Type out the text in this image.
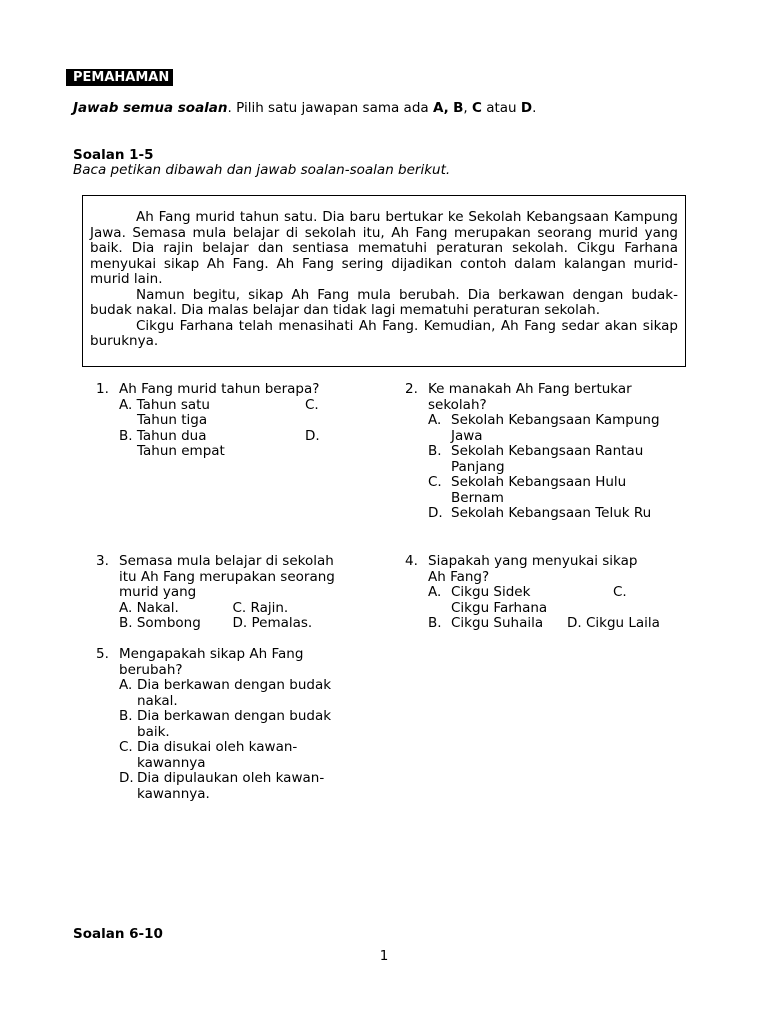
PEMAHAMAN
Jawab semua soalan. Pilih satu jawapan sama ada A, B, C atau D.
Soalan 1-5
Baca petikan dibawah dan jawab soalan-soalan berikut.

Ah Fang murid tahun satu. Dia baru bertukar ke Sekolah Kebangsaan Kampung Jawa. Semasa mula belajar di sekolah itu, Ah Fang merupakan seorang murid yang baik. Dia rajin belajar dan sentiasa mematuhi peraturan sekolah. Cikgu Farhana menyukai sikap Ah Fang. Ah Fang sering dijadikan contoh dalam kalangan murid-murid lain.

Namun begitu, sikap Ah Fang mula berubah. Dia berkawan dengan budak-budak nakal. Dia malas belajar dan tidak lagi mematuhi peraturan sekolah.

Cikgu Farhana telah menasihati Ah Fang. Kemudian, Ah Fang sedar akan sikap buruknya.

1. Ah Fang murid tahun berapa?
A. Tahun satu	C.
Tahun tiga
B. Tahun dua	D.
Tahun empat
2. Ke manakah Ah Fang bertukar sekolah?
A. Sekolah Kebangsaan Kampung Jawa
B. Sekolah Kebangsaan Rantau Panjang
C. Sekolah Kebangsaan Hulu Bernam
D. Sekolah Kebangsaan Teluk Ru
3. Semasa mula belajar di sekolah itu Ah Fang merupakan seorang murid yang
A. Nakal.	C. Rajin.
B. Sombong	D. Pemalas.
4. Siapakah yang menyukai sikap Ah Fang?
A. Cikgu Sidek	C.
Cikgu Farhana
B. Cikgu Suhaila	D. Cikgu Laila
5. Mengapakah sikap Ah Fang berubah?
A. Dia berkawan dengan budak nakal.
B. Dia berkawan dengan budak baik.
C. Dia disukai oleh kawan-kawannya
D. Dia dipulaukan oleh kawan-kawannya.
Soalan 6-10
1
